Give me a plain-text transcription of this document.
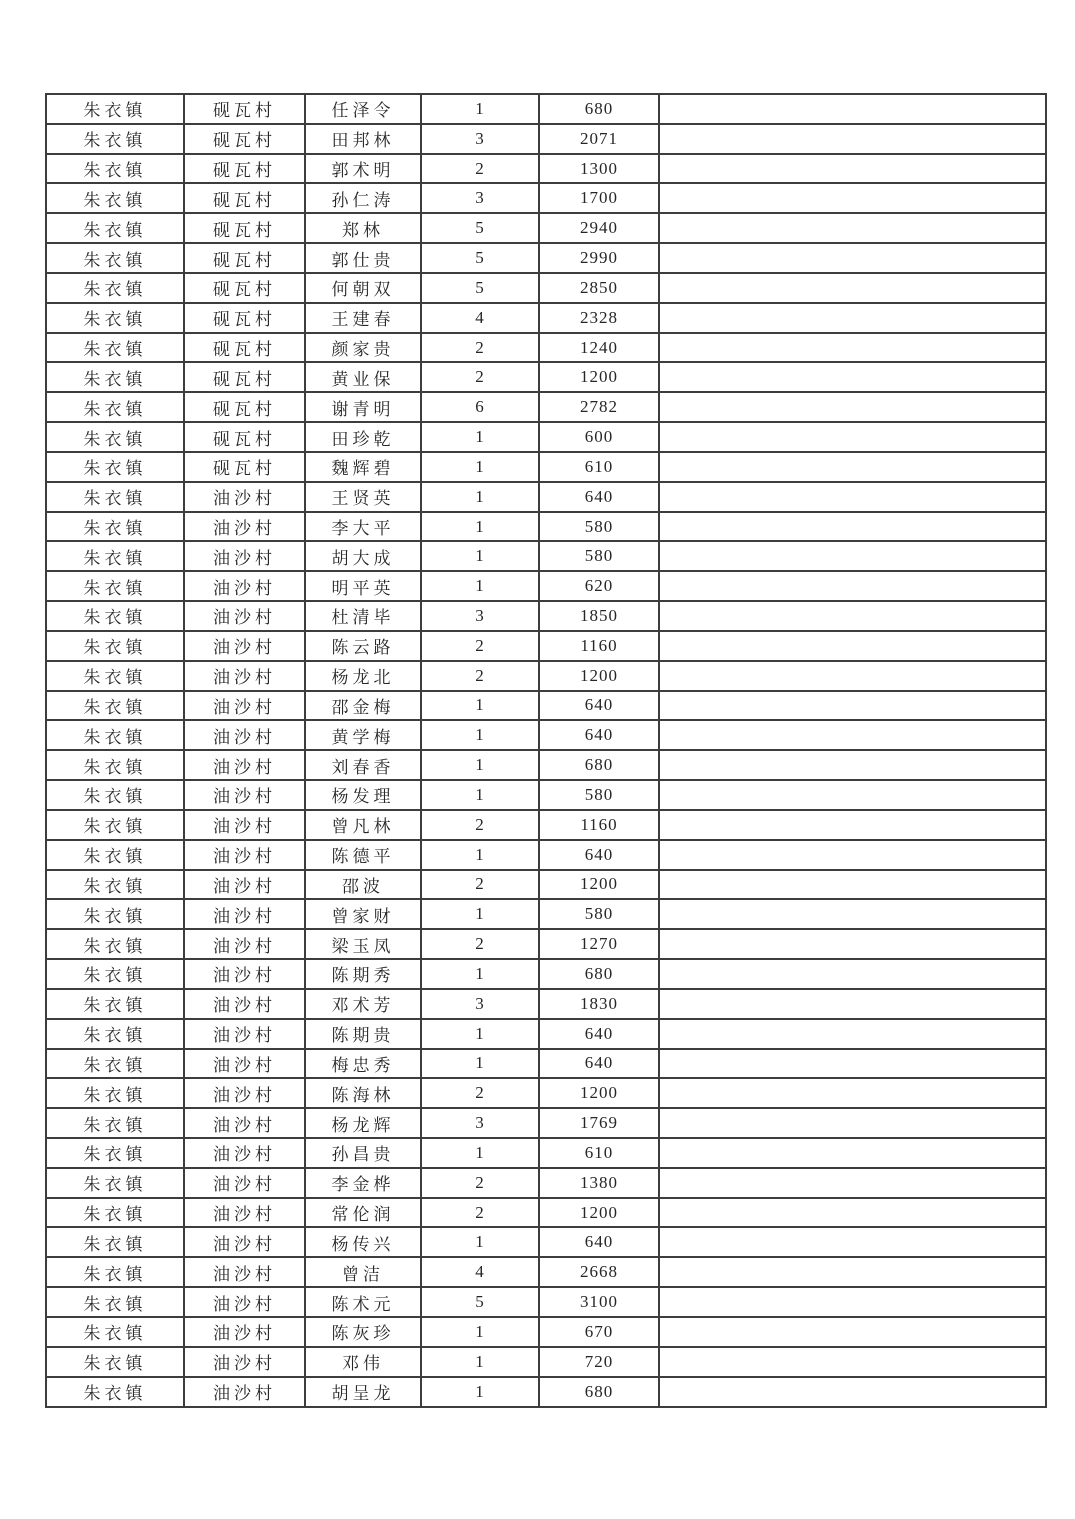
朱衣镇	砚瓦村	任泽令	1	680	
朱衣镇	砚瓦村	田邦林	3	2071	
朱衣镇	砚瓦村	郭术明	2	1300	
朱衣镇	砚瓦村	孙仁涛	3	1700	
朱衣镇	砚瓦村	郑林	5	2940	
朱衣镇	砚瓦村	郭仕贵	5	2990	
朱衣镇	砚瓦村	何朝双	5	2850	
朱衣镇	砚瓦村	王建春	4	2328	
朱衣镇	砚瓦村	颜家贵	2	1240	
朱衣镇	砚瓦村	黄业保	2	1200	
朱衣镇	砚瓦村	谢青明	6	2782	
朱衣镇	砚瓦村	田珍乾	1	600	
朱衣镇	砚瓦村	魏辉碧	1	610	
朱衣镇	油沙村	王贤英	1	640	
朱衣镇	油沙村	李大平	1	580	
朱衣镇	油沙村	胡大成	1	580	
朱衣镇	油沙村	明平英	1	620	
朱衣镇	油沙村	杜清毕	3	1850	
朱衣镇	油沙村	陈云路	2	1160	
朱衣镇	油沙村	杨龙北	2	1200	
朱衣镇	油沙村	邵金梅	1	640	
朱衣镇	油沙村	黄学梅	1	640	
朱衣镇	油沙村	刘春香	1	680	
朱衣镇	油沙村	杨发理	1	580	
朱衣镇	油沙村	曾凡林	2	1160	
朱衣镇	油沙村	陈德平	1	640	
朱衣镇	油沙村	邵波	2	1200	
朱衣镇	油沙村	曾家财	1	580	
朱衣镇	油沙村	梁玉凤	2	1270	
朱衣镇	油沙村	陈期秀	1	680	
朱衣镇	油沙村	邓术芳	3	1830	
朱衣镇	油沙村	陈期贵	1	640	
朱衣镇	油沙村	梅忠秀	1	640	
朱衣镇	油沙村	陈海林	2	1200	
朱衣镇	油沙村	杨龙辉	3	1769	
朱衣镇	油沙村	孙昌贵	1	610	
朱衣镇	油沙村	李金桦	2	1380	
朱衣镇	油沙村	常伦润	2	1200	
朱衣镇	油沙村	杨传兴	1	640	
朱衣镇	油沙村	曾洁	4	2668	
朱衣镇	油沙村	陈术元	5	3100	
朱衣镇	油沙村	陈灰珍	1	670	
朱衣镇	油沙村	邓伟	1	720	
朱衣镇	油沙村	胡呈龙	1	680	
